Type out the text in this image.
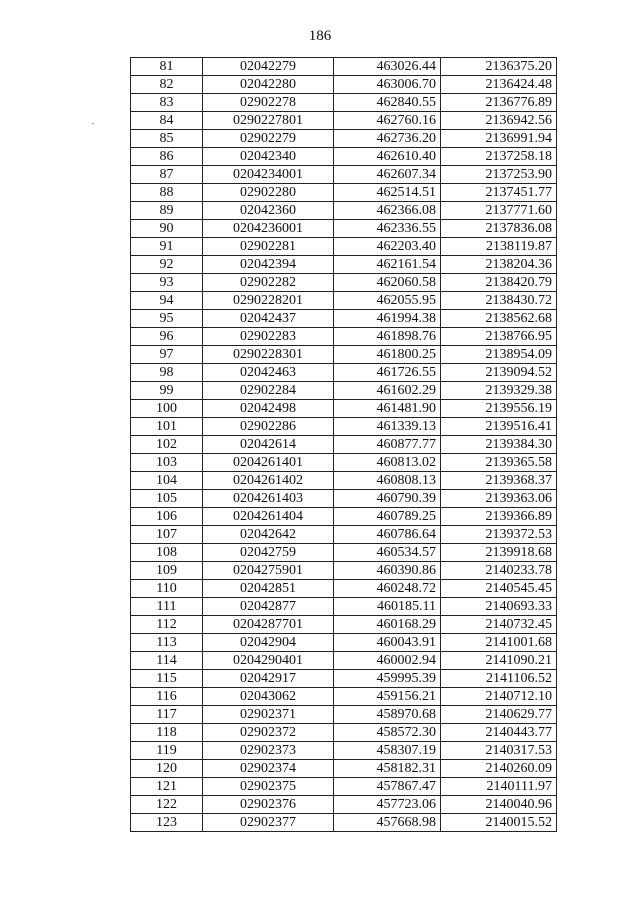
186
81	02042279	463026.44	2136375.20
82	02042280	463006.70	2136424.48
83	02902278	462840.55	2136776.89
84	0290227801	462760.16	2136942.56
85	02902279	462736.20	2136991.94
86	02042340	462610.40	2137258.18
87	0204234001	462607.34	2137253.90
88	02902280	462514.51	2137451.77
89	02042360	462366.08	2137771.60
90	0204236001	462336.55	2137836.08
91	02902281	462203.40	2138119.87
92	02042394	462161.54	2138204.36
93	02902282	462060.58	2138420.79
94	0290228201	462055.95	2138430.72
95	02042437	461994.38	2138562.68
96	02902283	461898.76	2138766.95
97	0290228301	461800.25	2138954.09
98	02042463	461726.55	2139094.52
99	02902284	461602.29	2139329.38
100	02042498	461481.90	2139556.19
101	02902286	461339.13	2139516.41
102	02042614	460877.77	2139384.30
103	0204261401	460813.02	2139365.58
104	0204261402	460808.13	2139368.37
105	0204261403	460790.39	2139363.06
106	0204261404	460789.25	2139366.89
107	02042642	460786.64	2139372.53
108	02042759	460534.57	2139918.68
109	0204275901	460390.86	2140233.78
110	02042851	460248.72	2140545.45
111	02042877	460185.11	2140693.33
112	0204287701	460168.29	2140732.45
113	02042904	460043.91	2141001.68
114	0204290401	460002.94	2141090.21
115	02042917	459995.39	2141106.52
116	02043062	459156.21	2140712.10
117	02902371	458970.68	2140629.77
118	02902372	458572.30	2140443.77
119	02902373	458307.19	2140317.53
120	02902374	458182.31	2140260.09
121	02902375	457867.47	2140111.97
122	02902376	457723.06	2140040.96
123	02902377	457668.98	2140015.52
